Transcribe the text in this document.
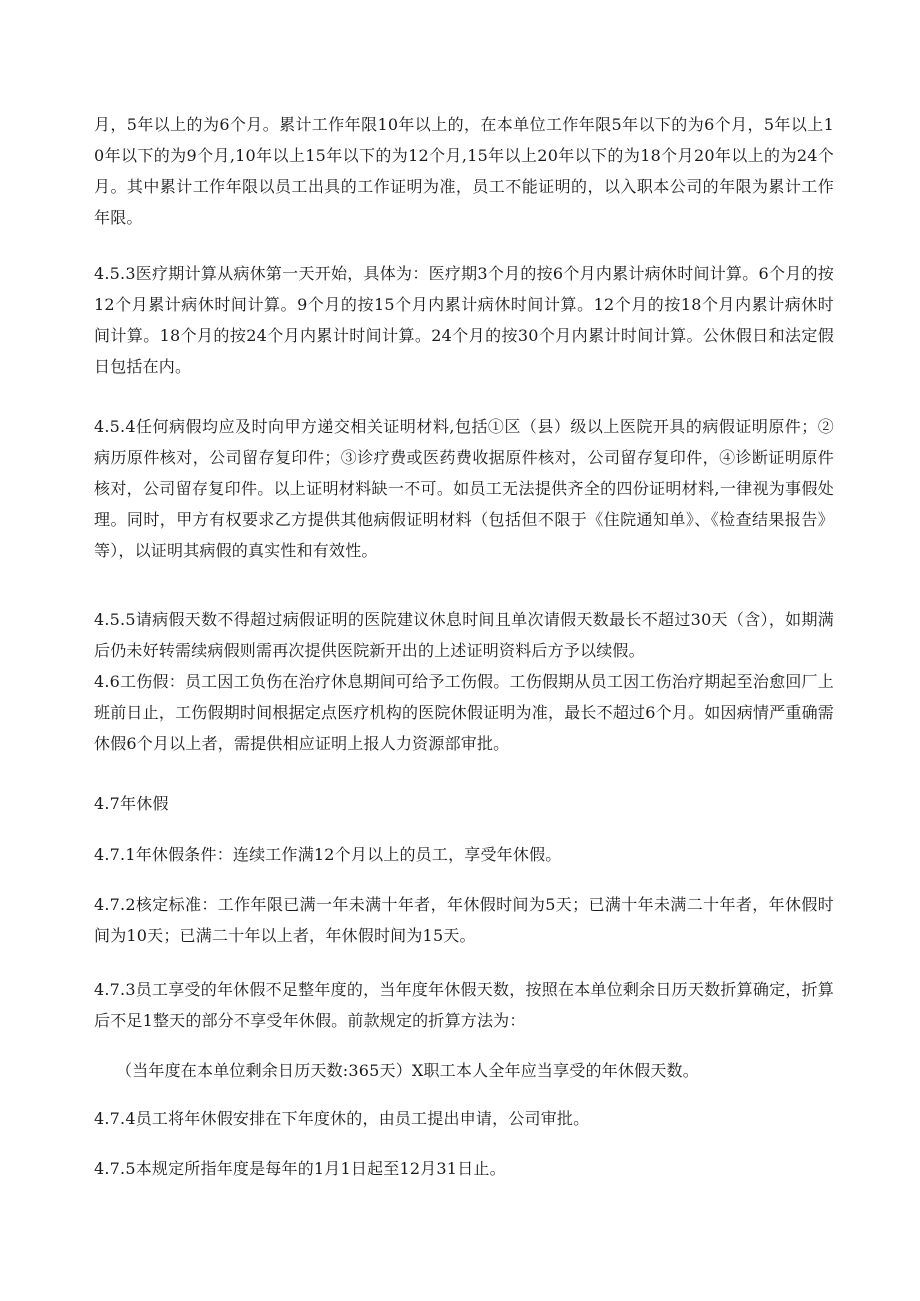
月，5年以上的为6个月。累计工作年限10年以上的，在本单位工作年限5年以下的为6个月，5年以上10年以下的为9个月,10年以上15年以下的为12个月,15年以上20年以下的为18个月20年以上的为24个月。其中累计工作年限以员工出具的工作证明为准，员工不能证明的，以入职本公司的年限为累计工作年限。

4.5.3医疗期计算从病休第一天开始，具体为：医疗期3个月的按6个月内累计病休时间计算。6个月的按12个月累计病休时间计算。9个月的按15个月内累计病休时间计算。12个月的按18个月内累计病休时间计算。18个月的按24个月内累计时间计算。24个月的按30个月内累计时间计算。公休假日和法定假日包括在内。

4.5.4任何病假均应及时向甲方递交相关证明材料,包括①区（县）级以上医院开具的病假证明原件；②病历原件核对，公司留存复印件；③诊疗费或医药费收据原件核对，公司留存复印件，④诊断证明原件核对，公司留存复印件。以上证明材料缺一不可。如员工无法提供齐全的四份证明材料,一律视为事假处理。同时，甲方有权要求乙方提供其他病假证明材料（包括但不限于《住院通知单》、《检查结果报告》等），以证明其病假的真实性和有效性。

4.5.5请病假天数不得超过病假证明的医院建议休息时间且单次请假天数最长不超过30天（含），如期满后仍未好转需续病假则需再次提供医院新开出的上述证明资料后方予以续假。

4.6工伤假：员工因工负伤在治疗休息期间可给予工伤假。工伤假期从员工因工伤治疗期起至治愈回厂上班前日止，工伤假期时间根据定点医疗机构的医院休假证明为准，最长不超过6个月。如因病情严重确需休假6个月以上者，需提供相应证明上报人力资源部审批。

4.7年休假

4.7.1年休假条件：连续工作满12个月以上的员工，享受年休假。

4.7.2核定标准：工作年限已满一年未满十年者，年休假时间为5天；已满十年未满二十年者，年休假时间为10天；已满二十年以上者，年休假时间为15天。

4.7.3员工享受的年休假不足整年度的，当年度年休假天数，按照在本单位剩余日历天数折算确定，折算后不足1整天的部分不享受年休假。前款规定的折算方法为：

（当年度在本单位剩余日历天数:365天）X职工本人全年应当享受的年休假天数。

4.7.4员工将年休假安排在下年度休的，由员工提出申请，公司审批。

4.7.5本规定所指年度是每年的1月1日起至12月31日止。
